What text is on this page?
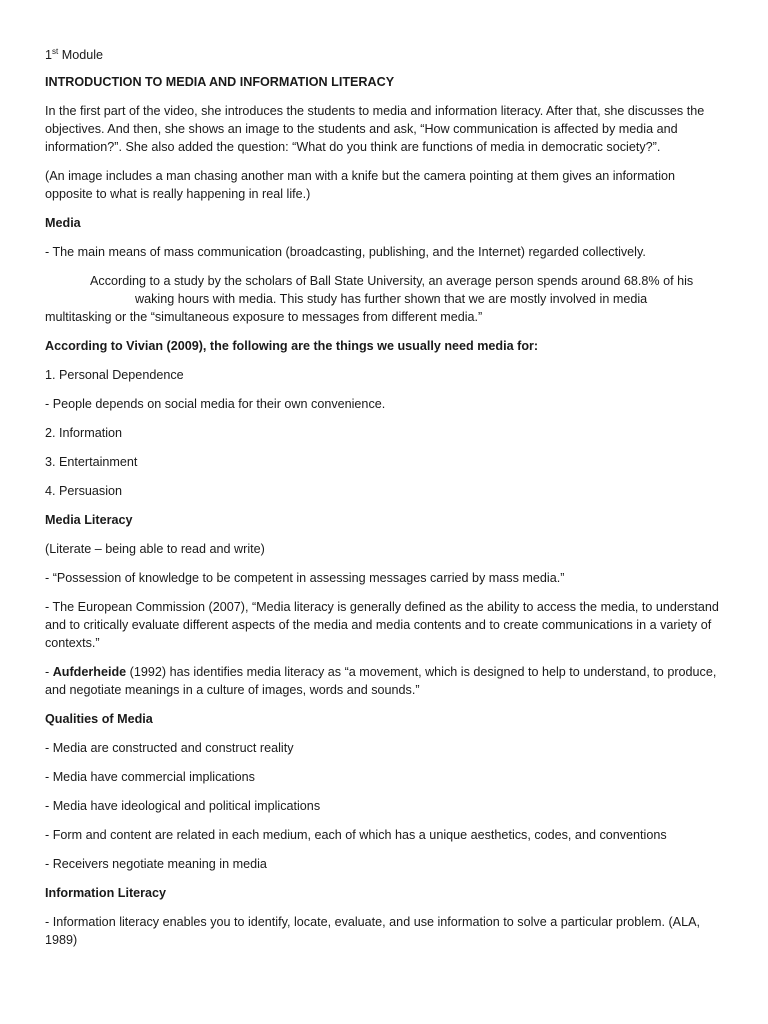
1st Module

INTRODUCTION TO MEDIA AND INFORMATION LITERACY

In the first part of the video, she introduces the students to media and information literacy. After that, she discusses the objectives. And then, she shows an image to the students and ask, “How communication is affected by media and information?”. She also added the question: “What do you think are functions of media in democratic society?”.

(An image includes a man chasing another man with a knife but the camera pointing at them gives an information opposite to what is really happening in real life.)

Media

- The main means of mass communication (broadcasting, publishing, and the Internet) regarded collectively.

According to a study by the scholars of Ball State University, an average person spends around 68.8% of his
waking hours with media. This study has further shown that we are mostly involved in media
multitasking or the “simultaneous exposure to messages from different media.”

According to Vivian (2009), the following are the things we usually need media for:

1. Personal Dependence

- People depends on social media for their own convenience.

2. Information

3. Entertainment

4. Persuasion

Media Literacy

(Literate – being able to read and write)

- “Possession of knowledge to be competent in assessing messages carried by mass media.”

- The European Commission (2007), “Media literacy is generally defined as the ability to access the media, to understand and to critically evaluate different aspects of the media and media contents and to create communications in a variety of contexts.”

- Aufderheide (1992) has identifies media literacy as “a movement, which is designed to help to understand, to produce, and negotiate meanings in a culture of images, words and sounds.”

Qualities of Media

- Media are constructed and construct reality

- Media have commercial implications

- Media have ideological and political implications

- Form and content are related in each medium, each of which has a unique aesthetics, codes, and conventions

- Receivers negotiate meaning in media

Information Literacy

- Information literacy enables you to identify, locate, evaluate, and use information to solve a particular problem. (ALA, 1989)
